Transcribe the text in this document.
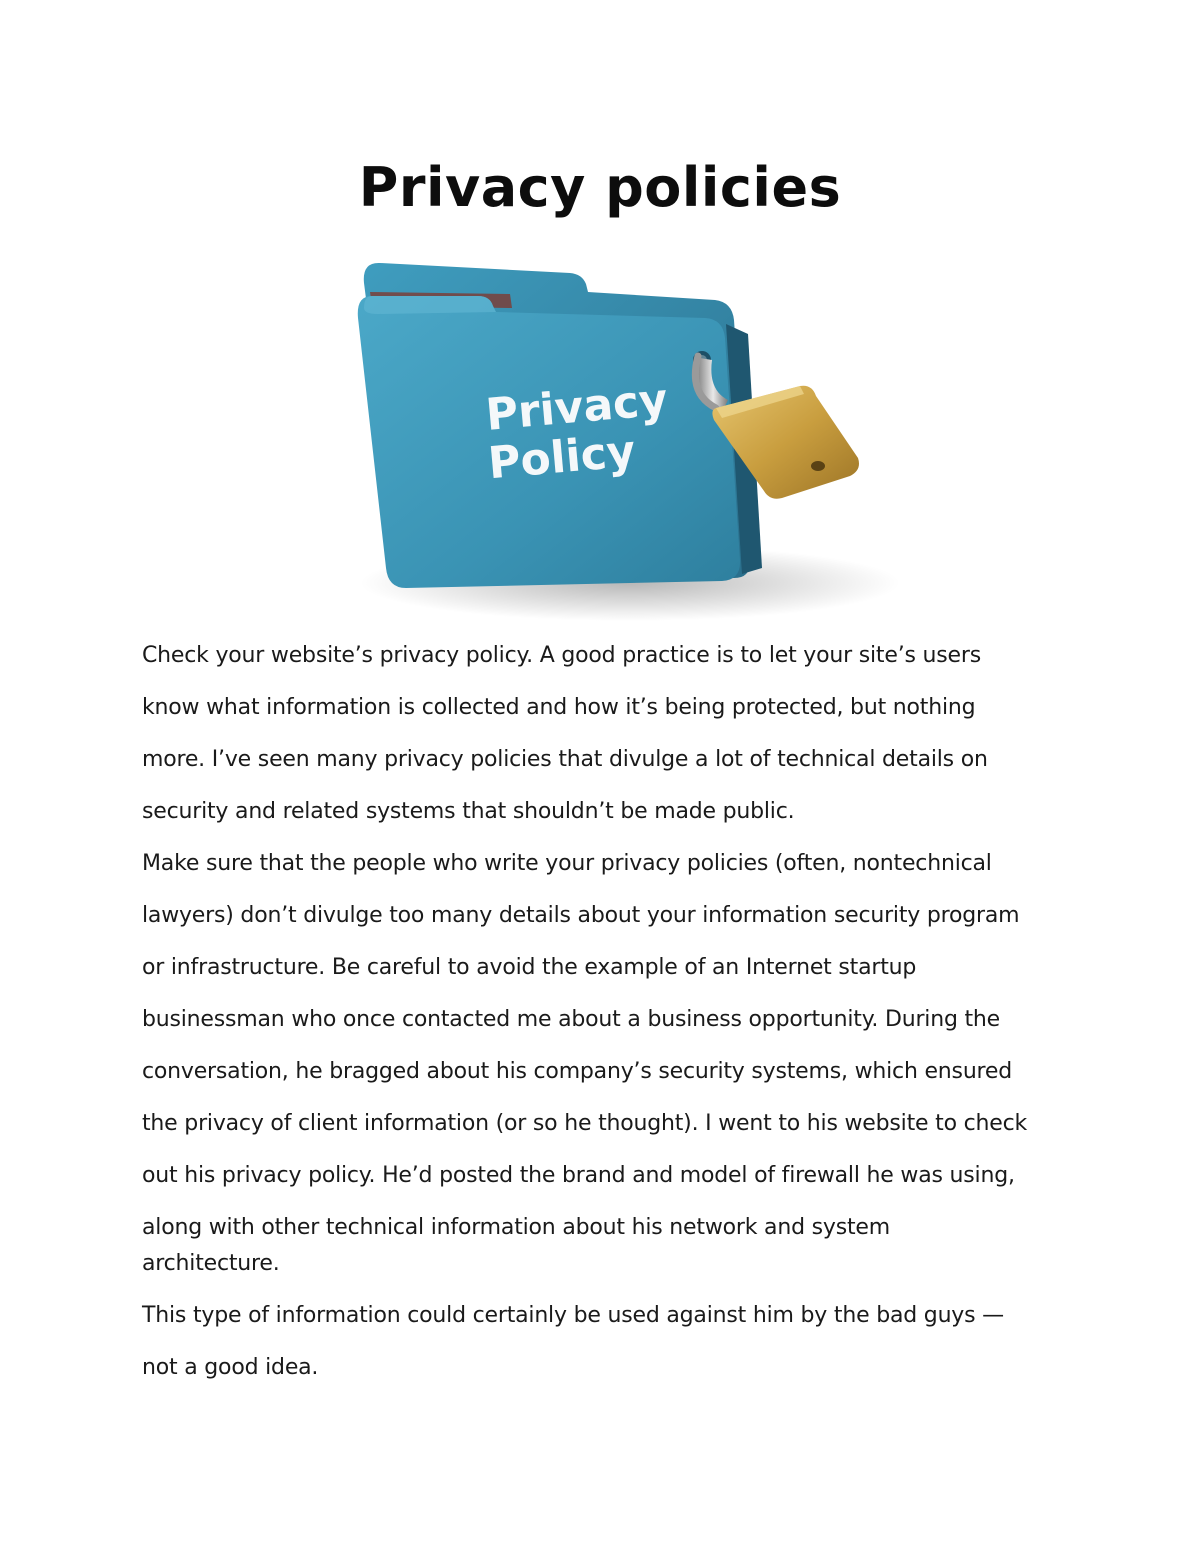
Privacy policies
Privacy
Policy

Check your website’s privacy policy. A good practice is to let your site’s users
know what information is collected and how it’s being protected, but nothing
more. I’ve seen many privacy policies that divulge a lot of technical details on
security and related systems that shouldn’t be made public.

Make sure that the people who write your privacy policies (often, nontechnical
lawyers) don’t divulge too many details about your information security program
or infrastructure. Be careful to avoid the example of an Internet startup
businessman who once contacted me about a business opportunity. During the
conversation, he bragged about his company’s security systems, which ensured
the privacy of client information (or so he thought). I went to his website to check
out his privacy policy. He’d posted the brand and model of firewall he was using,
along with other technical information about his network and system
architecture.

This type of information could certainly be used against him by the bad guys —
not a good idea.
